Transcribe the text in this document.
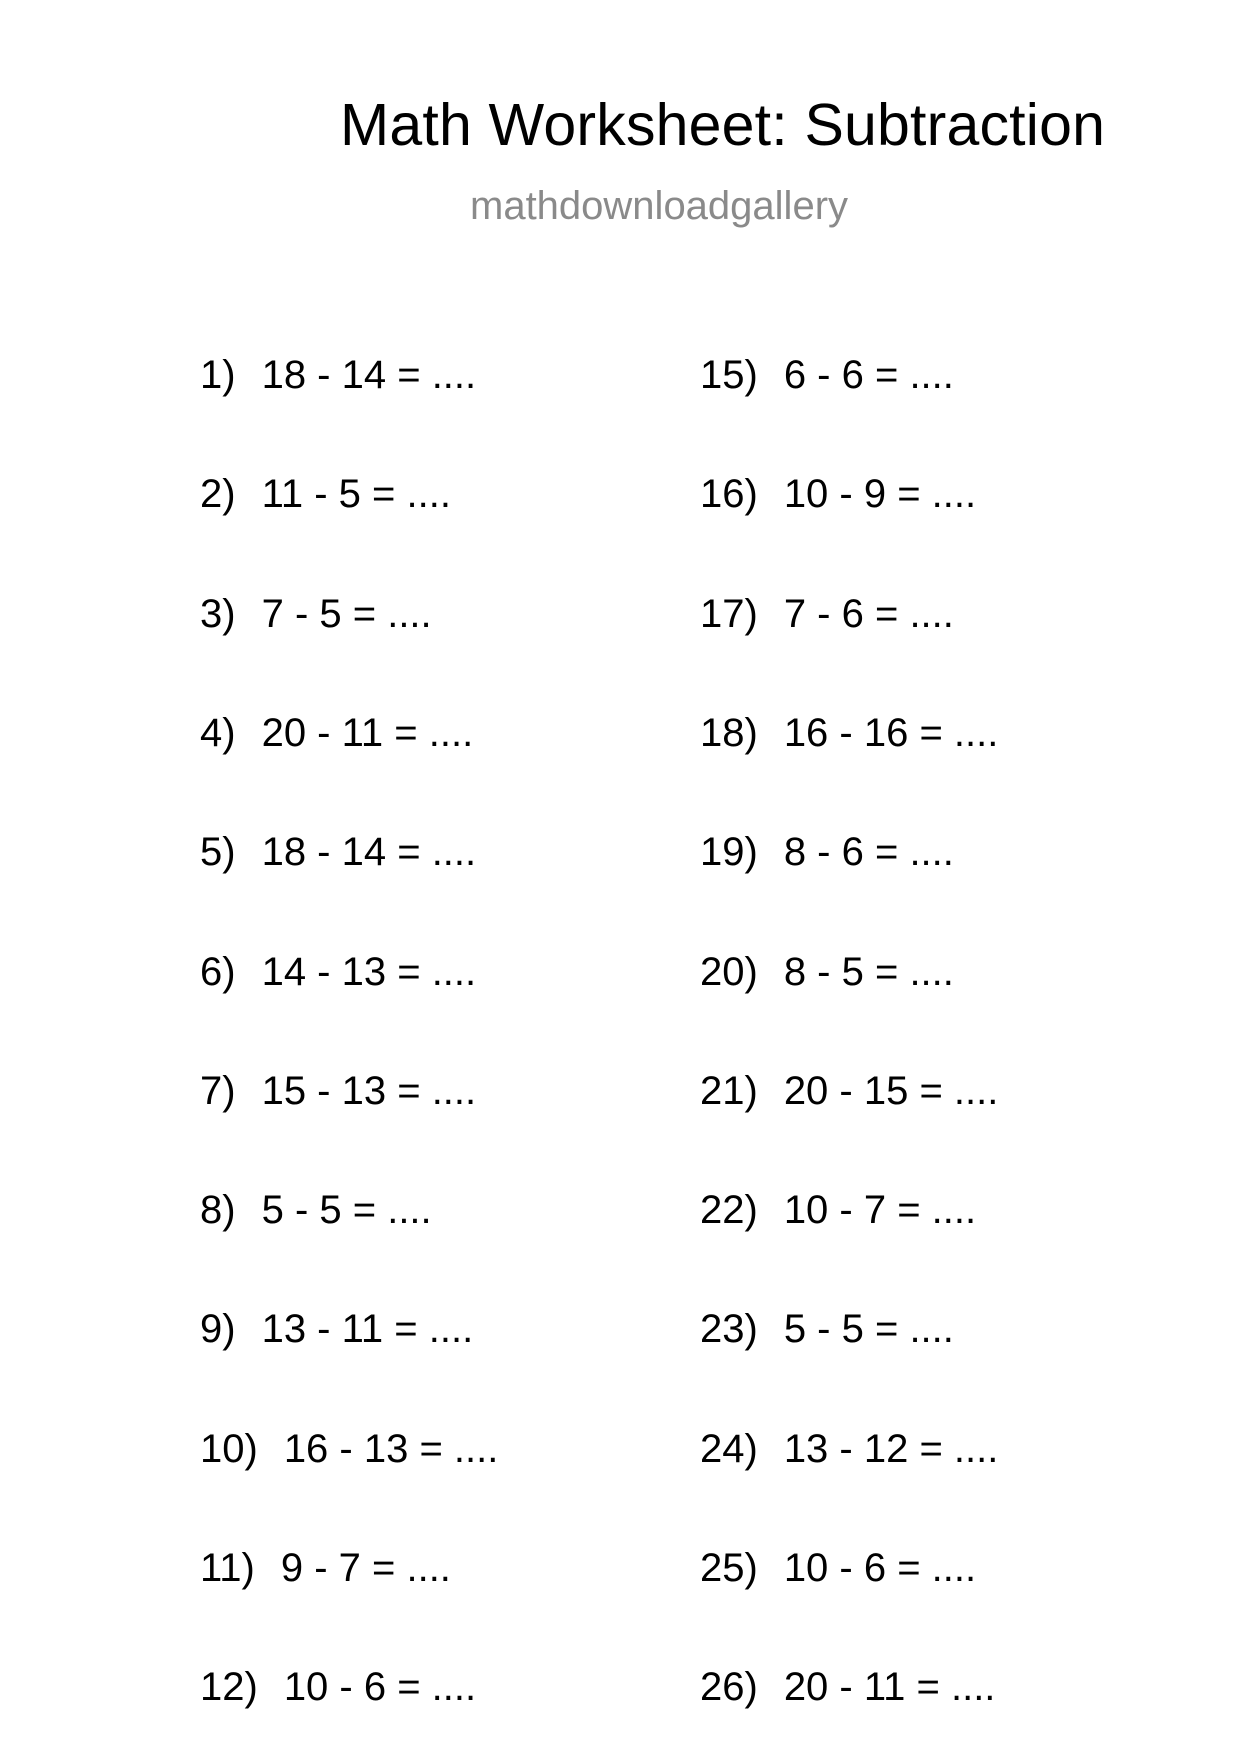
Math Worksheet: Subtraction
mathdownloadgallery
1) 18 - 14 = ....
2) 11 - 5 = ....
3) 7 - 5 = ....
4) 20 - 11 = ....
5) 18 - 14 = ....
6) 14 - 13 = ....
7) 15 - 13 = ....
8) 5 - 5 = ....
9) 13 - 11 = ....
10) 16 - 13 = ....
11) 9 - 7 = ....
12) 10 - 6 = ....
15) 6 - 6 = ....
16) 10 - 9 = ....
17) 7 - 6 = ....
18) 16 - 16 = ....
19) 8 - 6 = ....
20) 8 - 5 = ....
21) 20 - 15 = ....
22) 10 - 7 = ....
23) 5 - 5 = ....
24) 13 - 12 = ....
25) 10 - 6 = ....
26) 20 - 11 = ....
